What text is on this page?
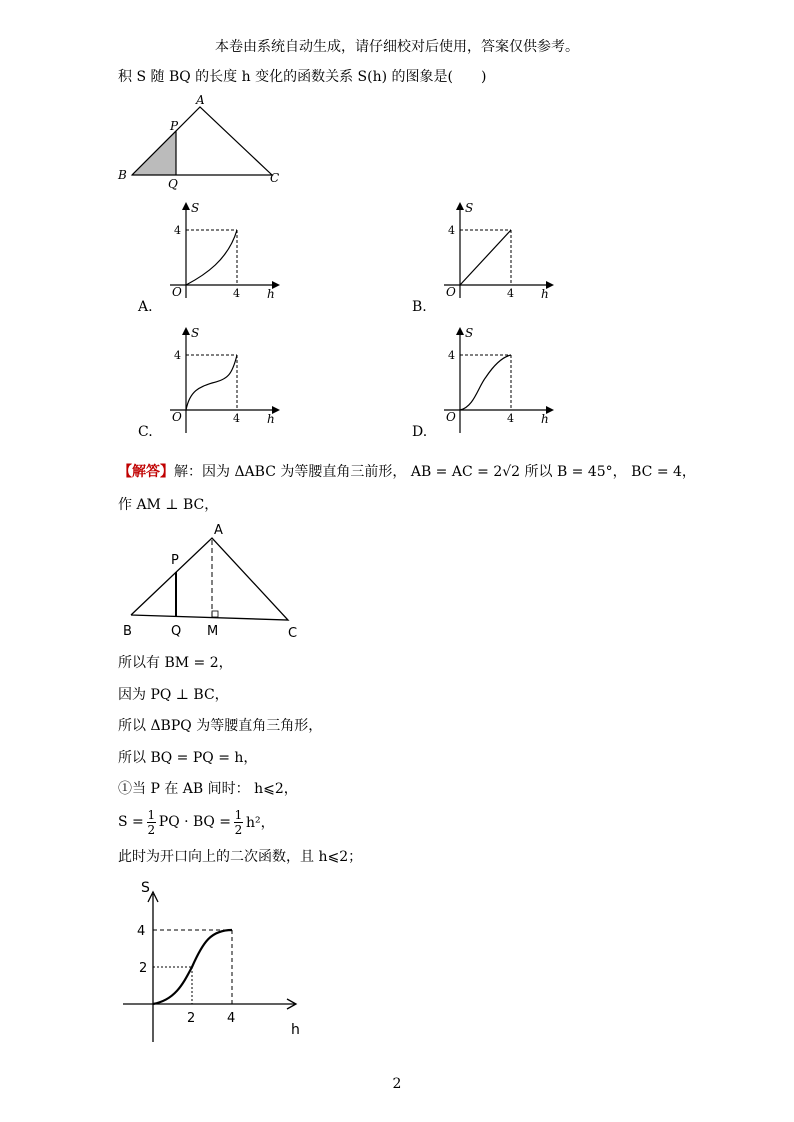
本卷由系统自动生成，请仔细校对后使用，答案仅供参考。
积 S 随 BQ 的长度 h 变化的函数关系 S(h) 的图象是(　　)
A
P
B
Q	C
S
4
O	4 h
A.
S
4
O	4 h
B.
S
4
O	4 h
C.
S
4
O	4 h
D.
【解答】解：因为 ΔABC 为等腰直角三前形， AB = AC = 2√2 所以 B = 45°， BC = 4，
作 AM ⊥ BC，
A
P
B	Q M	C
所以有 BM = 2，
因为 PQ ⊥ BC，
所以 ΔBPQ 为等腰直角三角形，
所以 BQ = PQ = h，
①当 P 在 AB 间时： h⩽2，
$S = \frac{1}{2}$ PQ · BQ = $\frac{1}{2} h^2$，
此时为开口向上的二次函数，且 h⩽2；
S
4
2
2 4
h
2
